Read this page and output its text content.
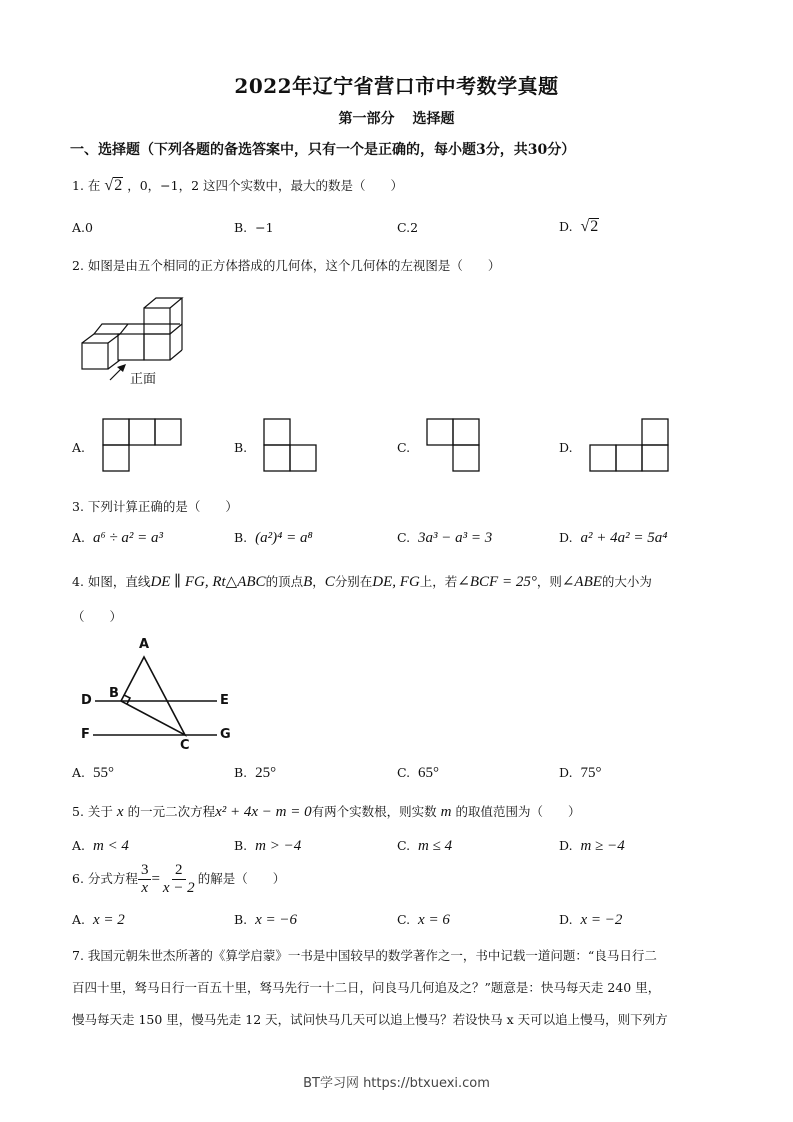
2022年辽宁省营口市中考数学真题
第一部分 选择题
一、选择题（下列各题的备选答案中，只有一个是正确的，每小题3分，共30分）
1. 在 √2 ，0，−1，2 这四个实数中，最大的数是（　　）
A.0	B. −1	C.2	D. √2
2. 如图是由五个相同的正方体搭成的几何体，这个几何体的左视图是（　　）
正面
A.	B.	C.	D.
3. 下列计算正确的是（　　）
A. a⁶ ÷ a² = a³	B. (a²)⁴ = a⁸	C. 3a³ − a³ = 3	D. a² + 4a² = 5a⁴
4. 如图，直线DE ∥ FG, Rt△ABC的顶点B，C分别在DE, FG上，若∠BCF = 25°，则∠ABE的大小为
（　　）
A
B
C
D	E
F	G
A. 55°	B. 25°	C. 65°	D. 75°
5. 关于 x 的一元二次方程x² + 4x − m = 0有两个实数根，则实数 m 的取值范围为（　　）
A. m < 4	B. m > −4	C. m ≤ 4	D. m ≥ −4
6. 分式方程 $\frac{3}{x} = \frac{2}{x - 2}$ 的解是（　　）
A. x = 2	B. x = −6	C. x = 6	D. x = −2
7. 我国元朝朱世杰所著的《算学启蒙》一书是中国较早的数学著作之一，书中记载一道问题：“良马日行二
百四十里，驽马日行一百五十里，驽马先行一十二日，问良马几何追及之？”题意是：快马每天走 240 里，
慢马每天走 150 里，慢马先走 12 天，试问快马几天可以追上慢马？若设快马 x 天可以追上慢马，则下列方
BT学习网 https://btxuexi.com
